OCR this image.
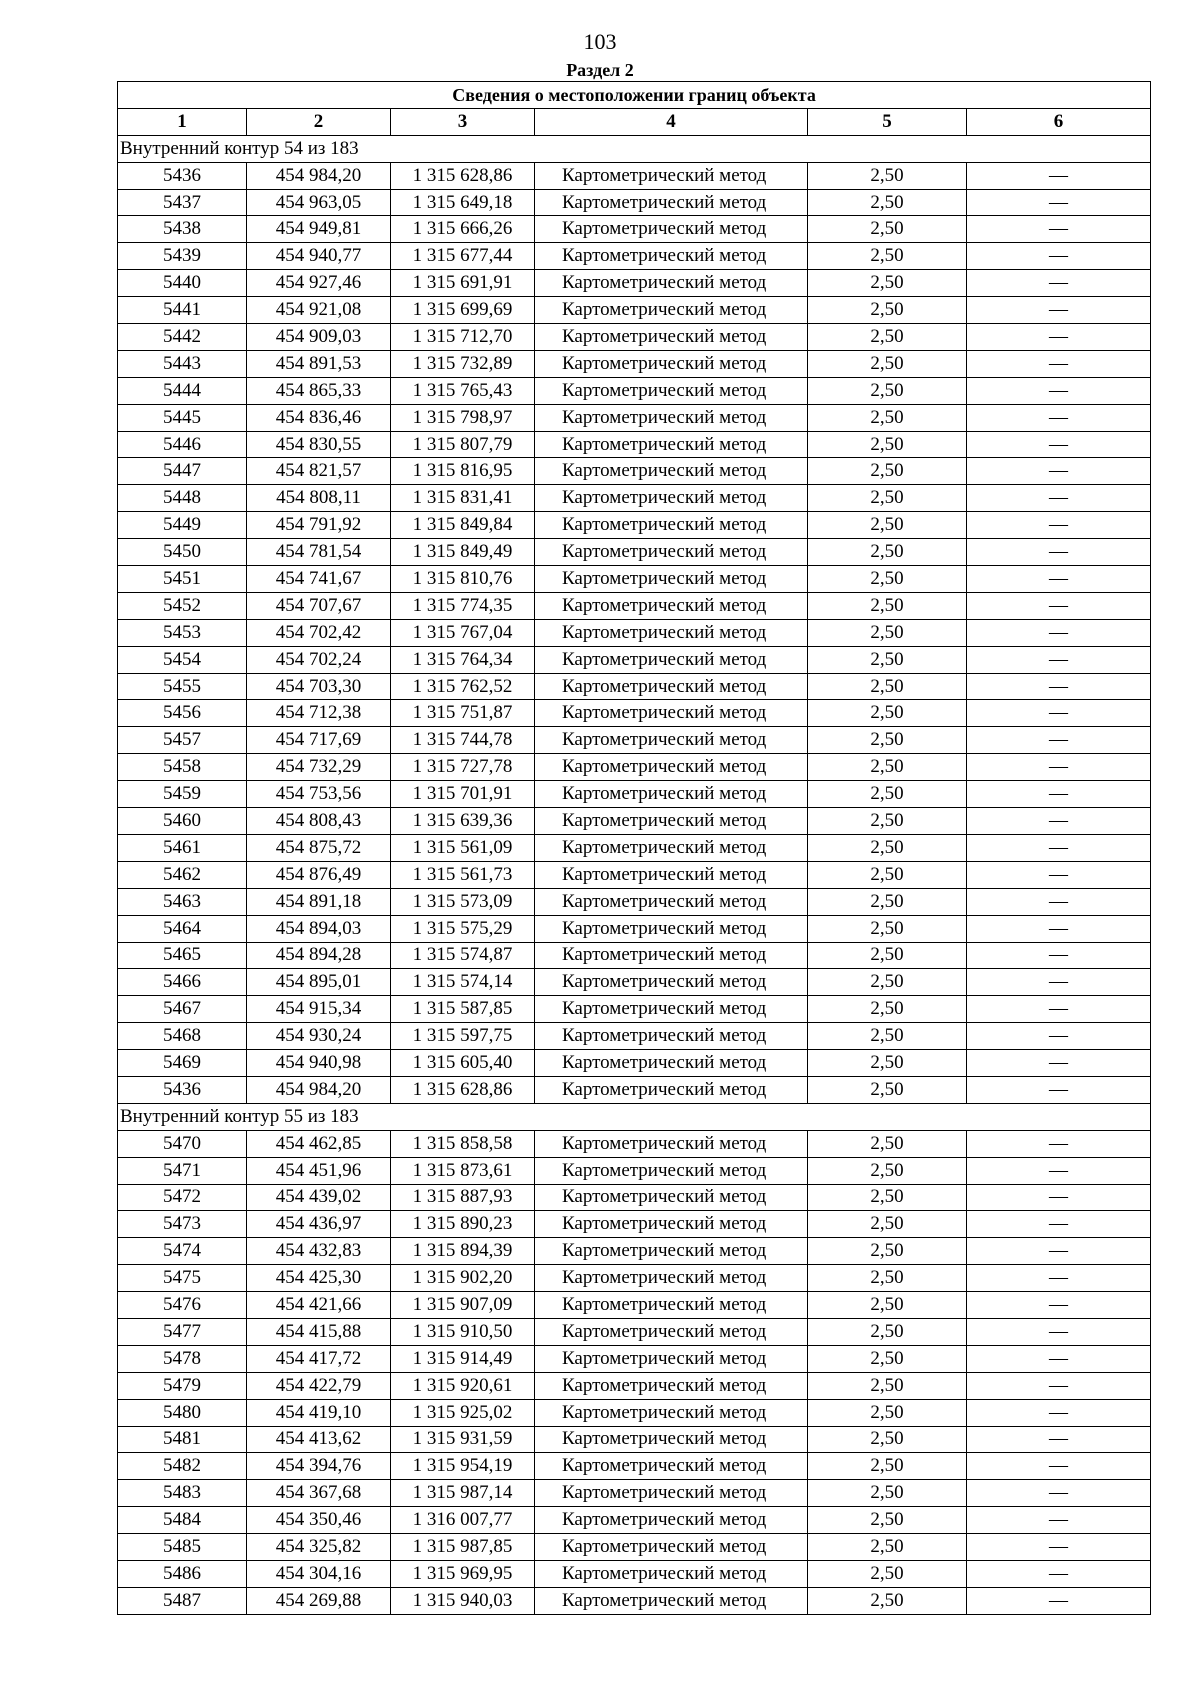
103
Раздел 2
Сведения о местоположении границ объекта					
1	2	3	4	5	6
Внутренний контур 54 из 183					
5436	454 984,20	1 315 628,86	Картометрический метод	2,50	—
5437	454 963,05	1 315 649,18	Картометрический метод	2,50	—
5438	454 949,81	1 315 666,26	Картометрический метод	2,50	—
5439	454 940,77	1 315 677,44	Картометрический метод	2,50	—
5440	454 927,46	1 315 691,91	Картометрический метод	2,50	—
5441	454 921,08	1 315 699,69	Картометрический метод	2,50	—
5442	454 909,03	1 315 712,70	Картометрический метод	2,50	—
5443	454 891,53	1 315 732,89	Картометрический метод	2,50	—
5444	454 865,33	1 315 765,43	Картометрический метод	2,50	—
5445	454 836,46	1 315 798,97	Картометрический метод	2,50	—
5446	454 830,55	1 315 807,79	Картометрический метод	2,50	—
5447	454 821,57	1 315 816,95	Картометрический метод	2,50	—
5448	454 808,11	1 315 831,41	Картометрический метод	2,50	—
5449	454 791,92	1 315 849,84	Картометрический метод	2,50	—
5450	454 781,54	1 315 849,49	Картометрический метод	2,50	—
5451	454 741,67	1 315 810,76	Картометрический метод	2,50	—
5452	454 707,67	1 315 774,35	Картометрический метод	2,50	—
5453	454 702,42	1 315 767,04	Картометрический метод	2,50	—
5454	454 702,24	1 315 764,34	Картометрический метод	2,50	—
5455	454 703,30	1 315 762,52	Картометрический метод	2,50	—
5456	454 712,38	1 315 751,87	Картометрический метод	2,50	—
5457	454 717,69	1 315 744,78	Картометрический метод	2,50	—
5458	454 732,29	1 315 727,78	Картометрический метод	2,50	—
5459	454 753,56	1 315 701,91	Картометрический метод	2,50	—
5460	454 808,43	1 315 639,36	Картометрический метод	2,50	—
5461	454 875,72	1 315 561,09	Картометрический метод	2,50	—
5462	454 876,49	1 315 561,73	Картометрический метод	2,50	—
5463	454 891,18	1 315 573,09	Картометрический метод	2,50	—
5464	454 894,03	1 315 575,29	Картометрический метод	2,50	—
5465	454 894,28	1 315 574,87	Картометрический метод	2,50	—
5466	454 895,01	1 315 574,14	Картометрический метод	2,50	—
5467	454 915,34	1 315 587,85	Картометрический метод	2,50	—
5468	454 930,24	1 315 597,75	Картометрический метод	2,50	—
5469	454 940,98	1 315 605,40	Картометрический метод	2,50	—
5436	454 984,20	1 315 628,86	Картометрический метод	2,50	—
Внутренний контур 55 из 183					
5470	454 462,85	1 315 858,58	Картометрический метод	2,50	—
5471	454 451,96	1 315 873,61	Картометрический метод	2,50	—
5472	454 439,02	1 315 887,93	Картометрический метод	2,50	—
5473	454 436,97	1 315 890,23	Картометрический метод	2,50	—
5474	454 432,83	1 315 894,39	Картометрический метод	2,50	—
5475	454 425,30	1 315 902,20	Картометрический метод	2,50	—
5476	454 421,66	1 315 907,09	Картометрический метод	2,50	—
5477	454 415,88	1 315 910,50	Картометрический метод	2,50	—
5478	454 417,72	1 315 914,49	Картометрический метод	2,50	—
5479	454 422,79	1 315 920,61	Картометрический метод	2,50	—
5480	454 419,10	1 315 925,02	Картометрический метод	2,50	—
5481	454 413,62	1 315 931,59	Картометрический метод	2,50	—
5482	454 394,76	1 315 954,19	Картометрический метод	2,50	—
5483	454 367,68	1 315 987,14	Картометрический метод	2,50	—
5484	454 350,46	1 316 007,77	Картометрический метод	2,50	—
5485	454 325,82	1 315 987,85	Картометрический метод	2,50	—
5486	454 304,16	1 315 969,95	Картометрический метод	2,50	—
5487	454 269,88	1 315 940,03	Картометрический метод	2,50	—
